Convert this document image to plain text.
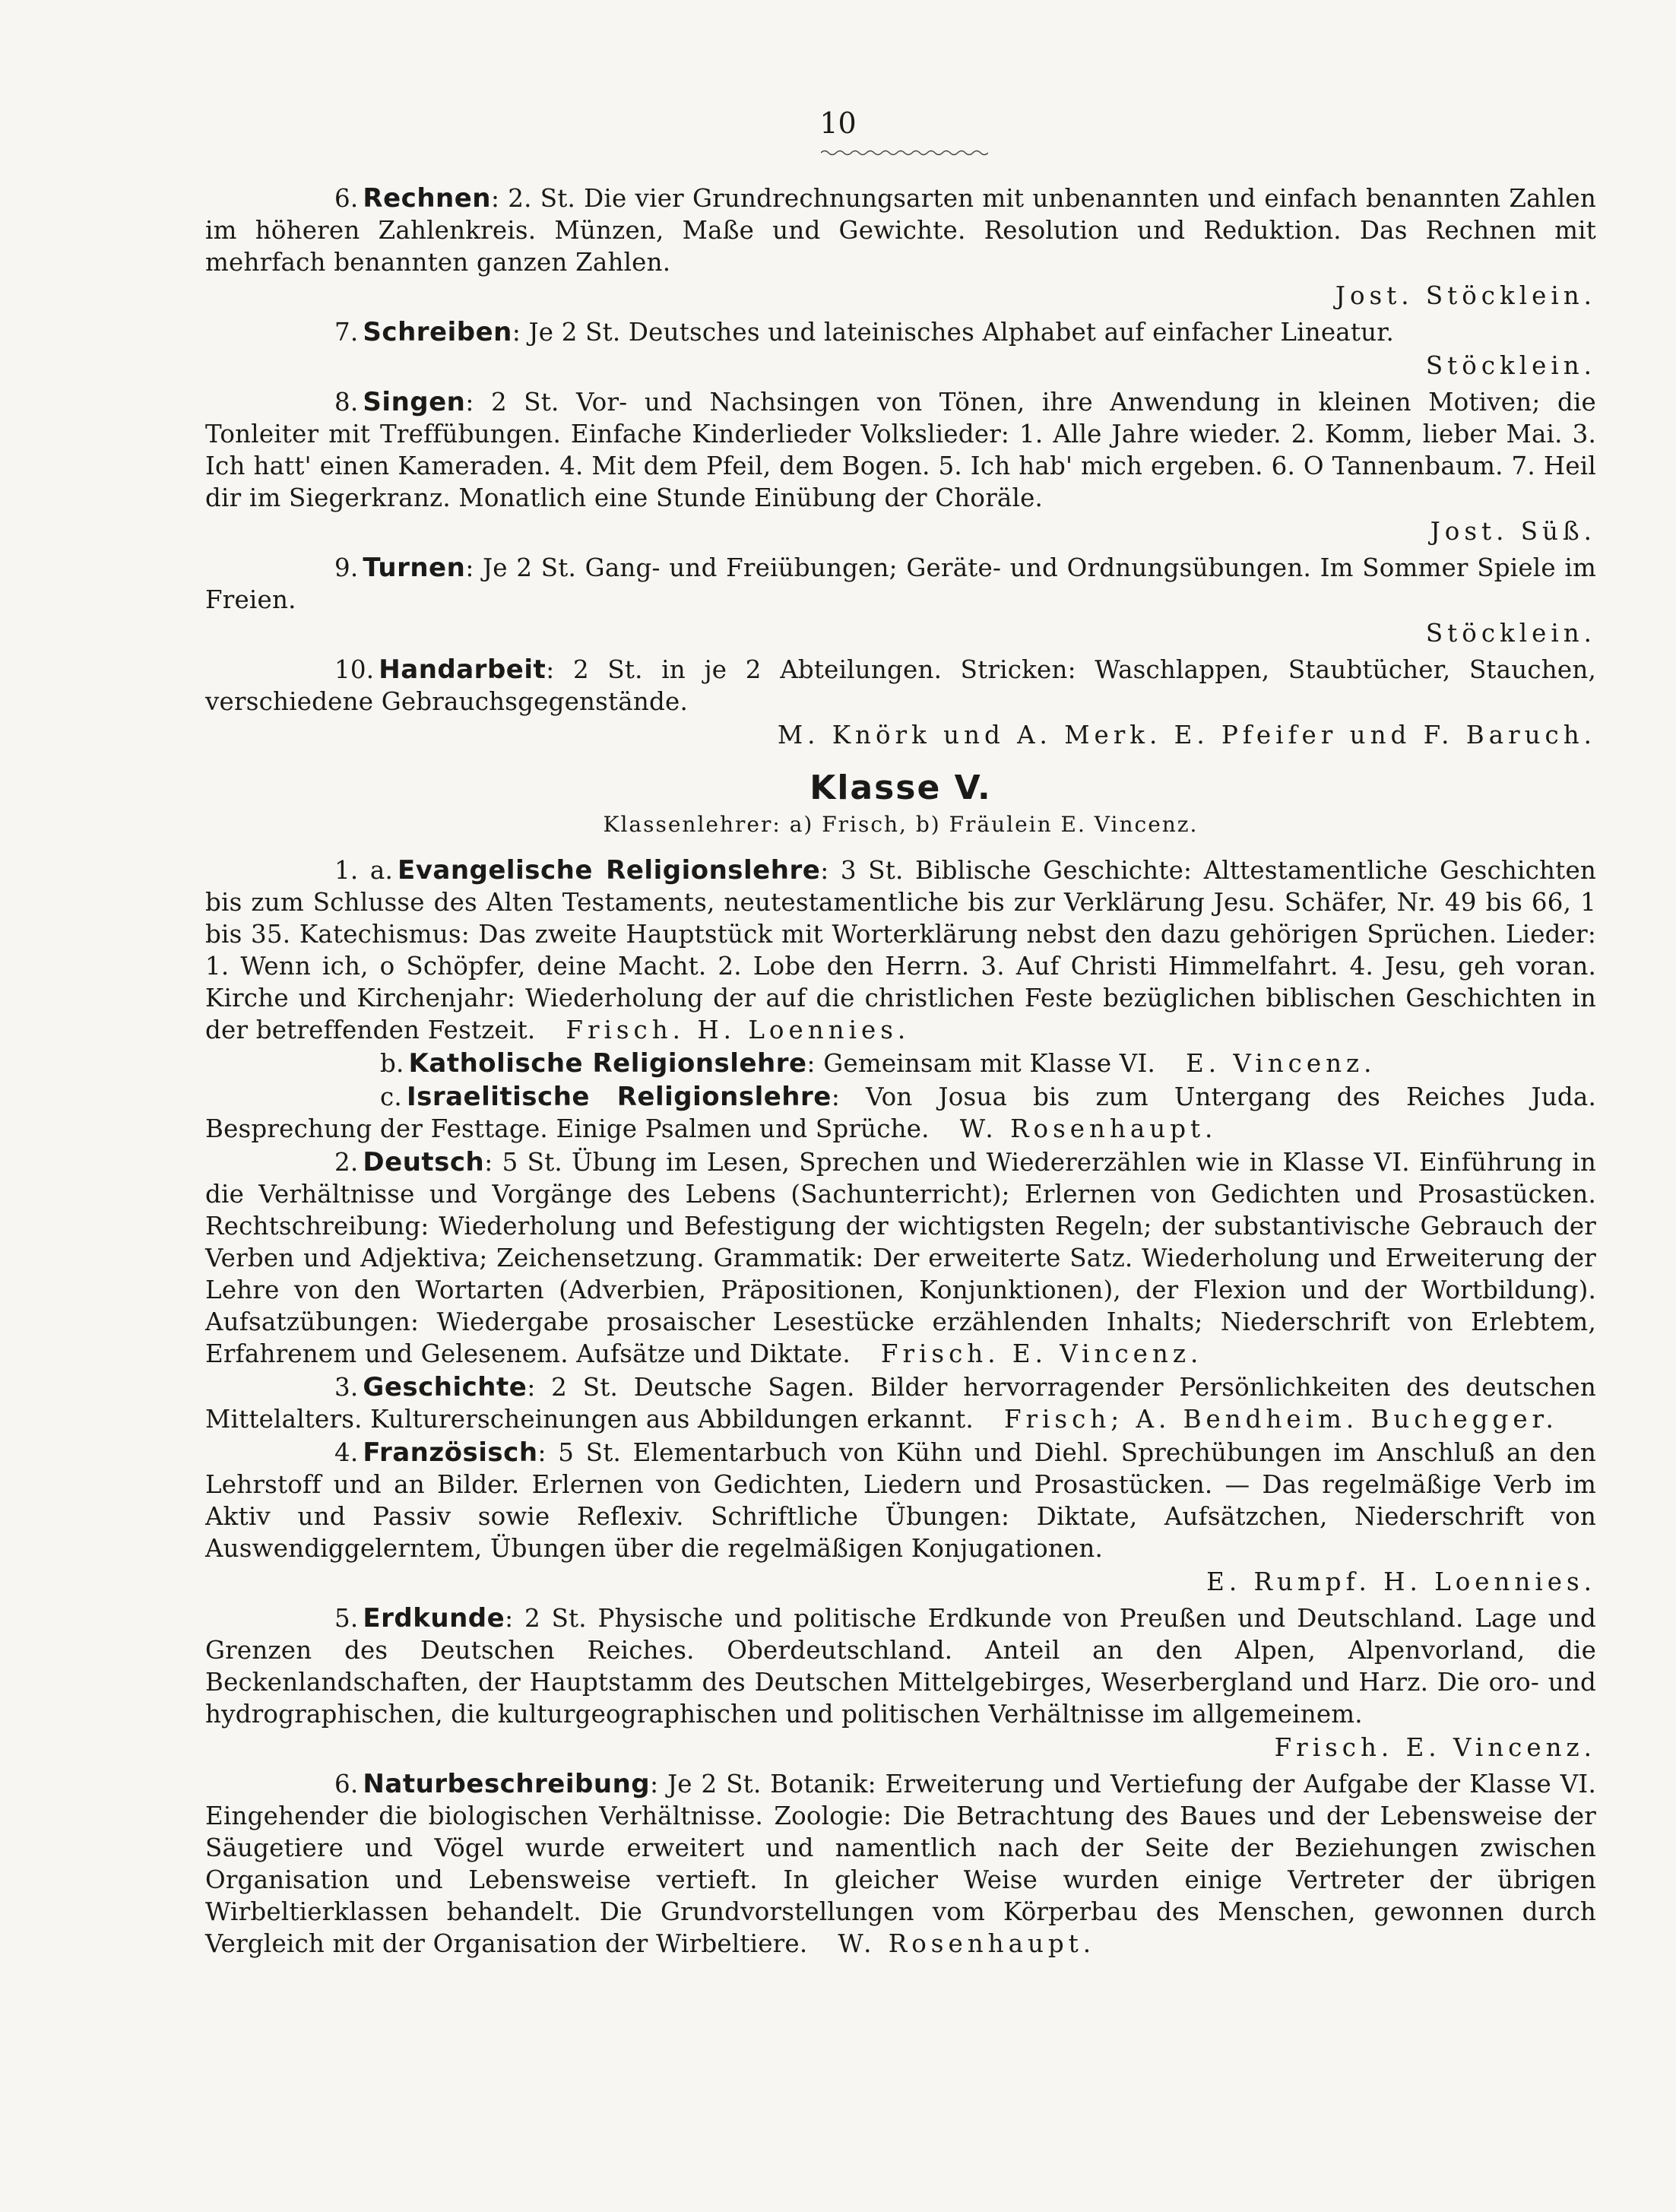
10

6. Rechnen: 2. St. Die vier Grundrechnungsarten mit unbenannten und einfach benannten Zahlen im höheren Zahlenkreis. Münzen, Maße und Gewichte. Resolution und Reduktion. Das Rechnen mit mehrfach benannten ganzen Zahlen.

Jost. Stöcklein.

7. Schreiben: Je 2 St. Deutsches und lateinisches Alphabet auf einfacher Lineatur.

Stöcklein.

8. Singen: 2 St. Vor- und Nachsingen von Tönen, ihre Anwendung in kleinen Motiven; die Tonleiter mit Treffübungen. Einfache Kinderlieder Volkslieder: 1. Alle Jahre wieder. 2. Komm, lieber Mai. 3. Ich hatt' einen Kameraden. 4. Mit dem Pfeil, dem Bogen. 5. Ich hab' mich ergeben. 6. O Tannenbaum. 7. Heil dir im Siegerkranz. Monatlich eine Stunde Einübung der Choräle.

Jost. Süß.

9. Turnen: Je 2 St. Gang- und Freiübungen; Geräte- und Ordnungsübungen. Im Sommer Spiele im Freien.

Stöcklein.

10. Handarbeit: 2 St. in je 2 Abteilungen. Stricken: Waschlappen, Staubtücher, Stauchen, verschiedene Gebrauchsgegenstände.

M. Knörk und A. Merk. E. Pfeifer und F. Baruch.

Klasse V.
Klassenlehrer: a) Frisch, b) Fräulein E. Vincenz.

1. a. Evangelische Religionslehre: 3 St. Biblische Geschichte: Alttestamentliche Geschichten bis zum Schlusse des Alten Testaments, neutestamentliche bis zur Verklärung Jesu. Schäfer, Nr. 49 bis 66, 1 bis 35. Katechismus: Das zweite Hauptstück mit Worterklärung nebst den dazu gehörigen Sprüchen. Lieder: 1. Wenn ich, o Schöpfer, deine Macht. 2. Lobe den Herrn. 3. Auf Christi Himmelfahrt. 4. Jesu, geh voran. Kirche und Kirchenjahr: Wiederholung der auf die christlichen Feste bezüglichen biblischen Geschichten in der betreffenden Festzeit. Frisch. H. Loennies.

b. Katholische Religionslehre: Gemeinsam mit Klasse VI. E. Vincenz.

c. Israelitische Religionslehre: Von Josua bis zum Untergang des Reiches Juda. Besprechung der Festtage. Einige Psalmen und Sprüche. W. Rosenhaupt.

2. Deutsch: 5 St. Übung im Lesen, Sprechen und Wiedererzählen wie in Klasse VI. Einführung in die Verhältnisse und Vorgänge des Lebens (Sachunterricht); Erlernen von Gedichten und Prosastücken. Rechtschreibung: Wiederholung und Befestigung der wichtigsten Regeln; der substantivische Gebrauch der Verben und Adjektiva; Zeichensetzung. Grammatik: Der erweiterte Satz. Wiederholung und Erweiterung der Lehre von den Wortarten (Adverbien, Präpositionen, Konjunktionen), der Flexion und der Wortbildung). Aufsatzübungen: Wiedergabe prosaischer Lesestücke erzählenden Inhalts; Niederschrift von Erlebtem, Erfahrenem und Gelesenem. Aufsätze und Diktate. Frisch. E. Vincenz.

3. Geschichte: 2 St. Deutsche Sagen. Bilder hervorragender Persönlichkeiten des deutschen Mittelalters. Kulturerscheinungen aus Abbildungen erkannt. Frisch; A. Bendheim. Buchegger.

4. Französisch: 5 St. Elementarbuch von Kühn und Diehl. Sprechübungen im Anschluß an den Lehrstoff und an Bilder. Erlernen von Gedichten, Liedern und Prosastücken. — Das regelmäßige Verb im Aktiv und Passiv sowie Reflexiv. Schriftliche Übungen: Diktate, Aufsätzchen, Niederschrift von Auswendiggelerntem, Übungen über die regelmäßigen Konjugationen.

E. Rumpf. H. Loennies.

5. Erdkunde: 2 St. Physische und politische Erdkunde von Preußen und Deutschland. Lage und Grenzen des Deutschen Reiches. Oberdeutschland. Anteil an den Alpen, Alpenvorland, die Beckenlandschaften, der Hauptstamm des Deutschen Mittelgebirges, Weserbergland und Harz. Die oro- und hydrographischen, die kulturgeographischen und politischen Verhältnisse im allgemeinem.

Frisch. E. Vincenz.

6. Naturbeschreibung: Je 2 St. Botanik: Erweiterung und Vertiefung der Aufgabe der Klasse VI. Eingehender die biologischen Verhältnisse. Zoologie: Die Betrachtung des Baues und der Lebensweise der Säugetiere und Vögel wurde erweitert und namentlich nach der Seite der Beziehungen zwischen Organisation und Lebensweise vertieft. In gleicher Weise wurden einige Vertreter der übrigen Wirbeltierklassen behandelt. Die Grundvorstellungen vom Körperbau des Menschen, gewonnen durch Vergleich mit der Organisation der Wirbeltiere. W. Rosenhaupt.
